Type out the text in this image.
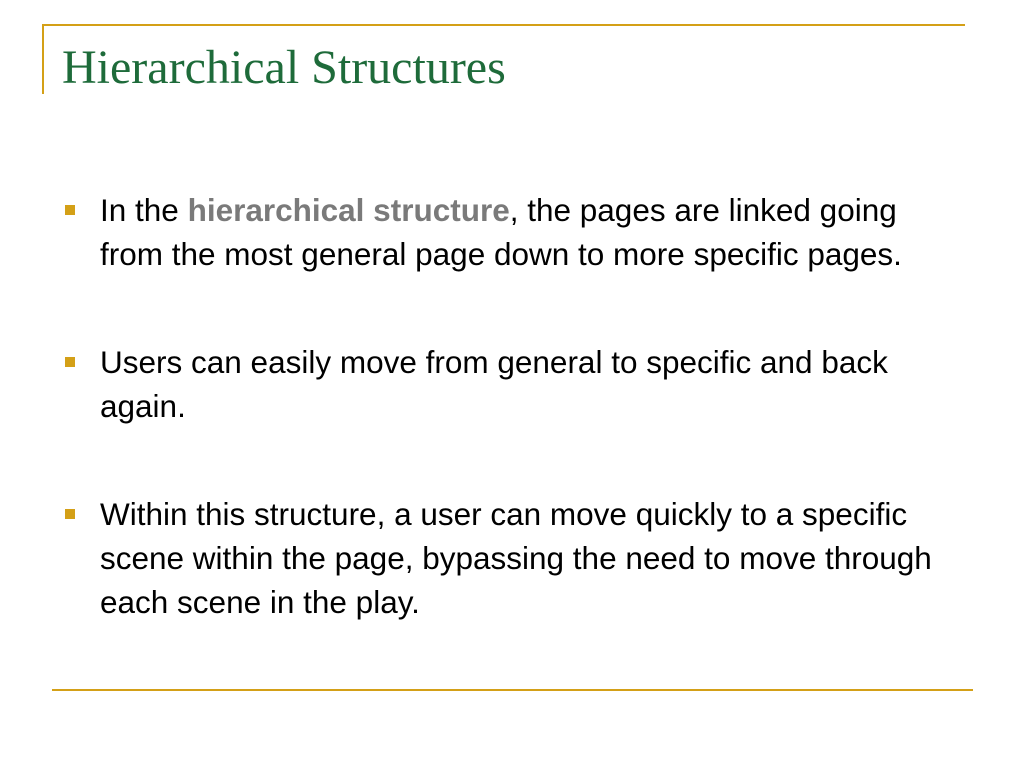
Hierarchical Structures
In the hierarchical structure, the pages are linked going from the most general page down to more specific pages.
Users can easily move from general to specific and back again.
Within this structure, a user can move quickly to a specific scene within the page, bypassing the need to move through each scene in the play.
